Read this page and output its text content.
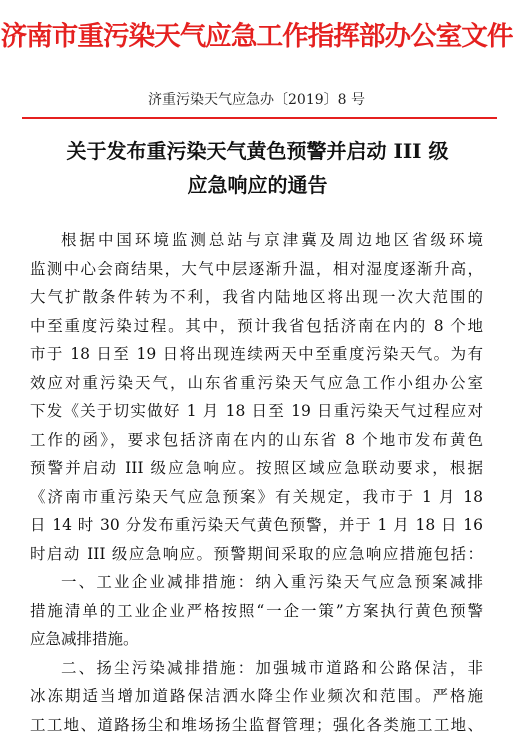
济南市重污染天气应急工作指挥部办公室文件
济重污染天气应急办〔2019〕8 号
关于发布重污染天气黄色预警并启动 III 级
应急响应的通告
根据中国环境监测总站与京津冀及周边地区省级环境
监测中心会商结果，大气中层逐渐升温，相对湿度逐渐升高，
大气扩散条件转为不利，我省内陆地区将出现一次大范围的
中至重度污染过程。其中，预计我省包括济南在内的 8 个地
市于 18 日至 19 日将出现连续两天中至重度污染天气。为有
效应对重污染天气，山东省重污染天气应急工作小组办公室
下发《关于切实做好 1 月 18 日至 19 日重污染天气过程应对
工作的函》，要求包括济南在内的山东省 8 个地市发布黄色
预警并启动 III 级应急响应。按照区域应急联动要求，根据
《济南市重污染天气应急预案》有关规定，我市于 1 月 18
日 14 时 30 分发布重污染天气黄色预警，并于 1 月 18 日 16
时启动 III 级应急响应。预警期间采取的应急响应措施包括：
一、工业企业减排措施：纳入重污染天气应急预案减排
措施清单的工业企业严格按照“一企一策”方案执行黄色预警
应急减排措施。
二、扬尘污染减排措施：加强城市道路和公路保洁，非
冰冻期适当增加道路保洁洒水降尘作业频次和范围。严格施
工工地、道路扬尘和堆场扬尘监督管理；强化各类施工工地、
